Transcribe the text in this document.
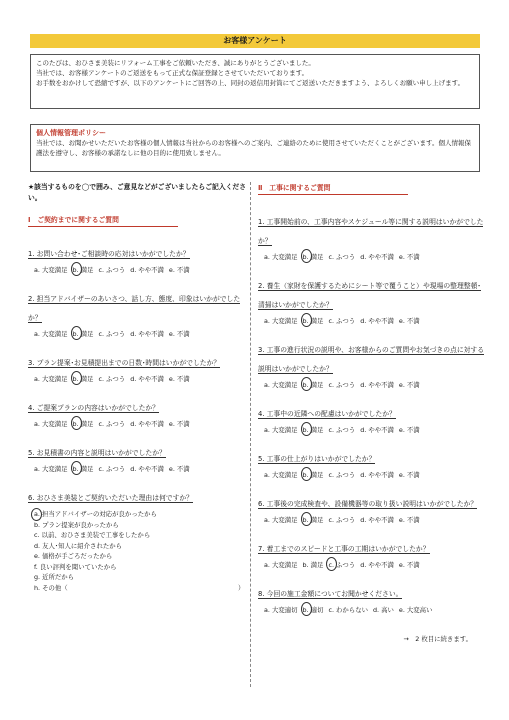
お客様アンケート

このたびは、おひさま美装にリフォーム工事をご依頼いただき、誠にありがとうございました。

当社では、お客様アンケートのご返送をもって正式な保証登録とさせていただいております。

お手数をおかけして恐縮ですが、以下のアンケートにご回答の上、同封の返信用封筒にてご返送いただきますよう、よろしくお願い申し上げます。

個人情報管理ポリシー

当社では、お聞かせいただいたお客様の個人情報は当社からのお客様へのご案内、ご連絡のために使用させていただくことがございます。個人情報保護法を遵守し、お客様の承諾なしに他の目的に使用致しません。

★該当するものを◯で囲み、ご意見などがございましたらご記入ください。
Ⅰ　ご契約までに関するご質問
1. お問い合わせ･ご相談時の応対はいかがでしたか？
a. 大変満足 b. 満足 c. ふつう d. やや不満 e. 不満
2. 担当アドバイザーのあいさつ、話し方、態度、印象はいかがでしたか？
a. 大変満足 b. 満足 c. ふつう d. やや不満 e. 不満
3. プラン提案･お見積提出までの日数･時間はいかがでしたか？
a. 大変満足 b. 満足 c. ふつう d. やや不満 e. 不満
4. ご提案プランの内容はいかがでしたか？
a. 大変満足 b. 満足 c. ふつう d. やや不満 e. 不満
5. お見積書の内容と説明はいかがでしたか？
a. 大変満足 b. 満足 c. ふつう d. やや不満 e. 不満
6. おひさま美装とご契約いただいた理由は何ですか？
a. 担当アドバイザーの対応が良かったから
b. プラン提案が良かったから
c. 以前、おひさま美装で工事をしたから
d. 友人･知人に紹介されたから
e. 価格が手ごろだったから
f. 良い評判を聞いていたから
g. 近所だから
h. その他（	）
Ⅱ　工事に関するご質問
1. 工事開始前の、工事内容やスケジュール等に関する説明はいかがでしたか？
a. 大変満足 b. 満足 c. ふつう d. やや不満 e. 不満
2. 養生（家財を保護するためにシート等で覆うこと）や現場の整理整頓･清掃はいかがでしたか？
a. 大変満足 b. 満足 c. ふつう d. やや不満 e. 不満
3. 工事の進行状況の説明や、お客様からのご質問やお気づきの点に対する説明はいかがでしたか？
a. 大変満足 b. 満足 c. ふつう d. やや不満 e. 不満
4. 工事中の近隣への配慮はいかがでしたか？
a. 大変満足 b. 満足 c. ふつう d. やや不満 e. 不満
5. 工事の仕上がりはいかがでしたか？
a. 大変満足 b. 満足 c. ふつう d. やや不満 e. 不満
6. 工事後の完成検査や、設備機器等の取り扱い説明はいかがでしたか？
a. 大変満足 b. 満足 c. ふつう d. やや不満 e. 不満
7. 着工までのスピードと工事の工期はいかがでしたか？
a. 大変満足 b. 満足 c. ふつう d. やや不満 e. 不満
8. 今回の施工金額についてお聞かせください。
a. 大変適切 b. 適切 c. わからない d. 高い e. 大変高い
→　2 枚目に続きます。
